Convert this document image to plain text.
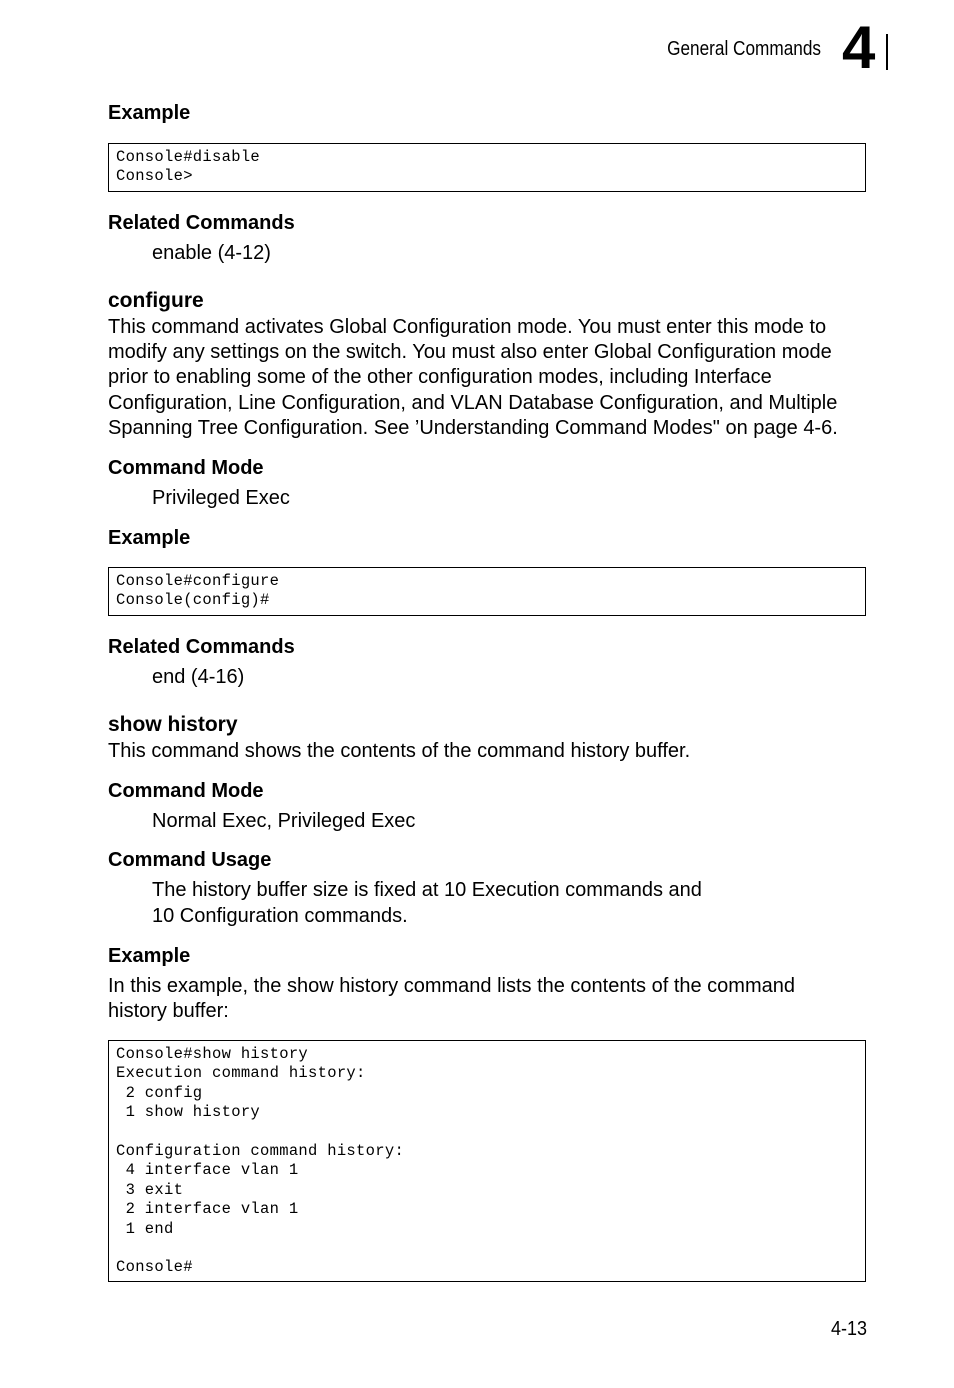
General Commands 4
Example
Console#disable
Console>
Related Commands
enable (4-12)
configure
This command activates Global Configuration mode. You must enter this mode to
modify any settings on the switch. You must also enter Global Configuration mode
prior to enabling some of the other configuration modes, including Interface
Configuration, Line Configuration, and VLAN Database Configuration, and Multiple
Spanning Tree Configuration. See ’Understanding Command Modes" on page 4-6.
Command Mode
Privileged Exec
Example
Console#configure
Console(config)#
Related Commands
end (4-16)
show history
This command shows the contents of the command history buffer.
Command Mode
Normal Exec, Privileged Exec
Command Usage
The history buffer size is fixed at 10 Execution commands and
10 Configuration commands.
Example
In this example, the show history command lists the contents of the command
history buffer:
Console#show history
Execution command history:
2 config
1 show history

Configuration command history:
4 interface vlan 1
3 exit
2 interface vlan 1
1 end

Console#
4-13
